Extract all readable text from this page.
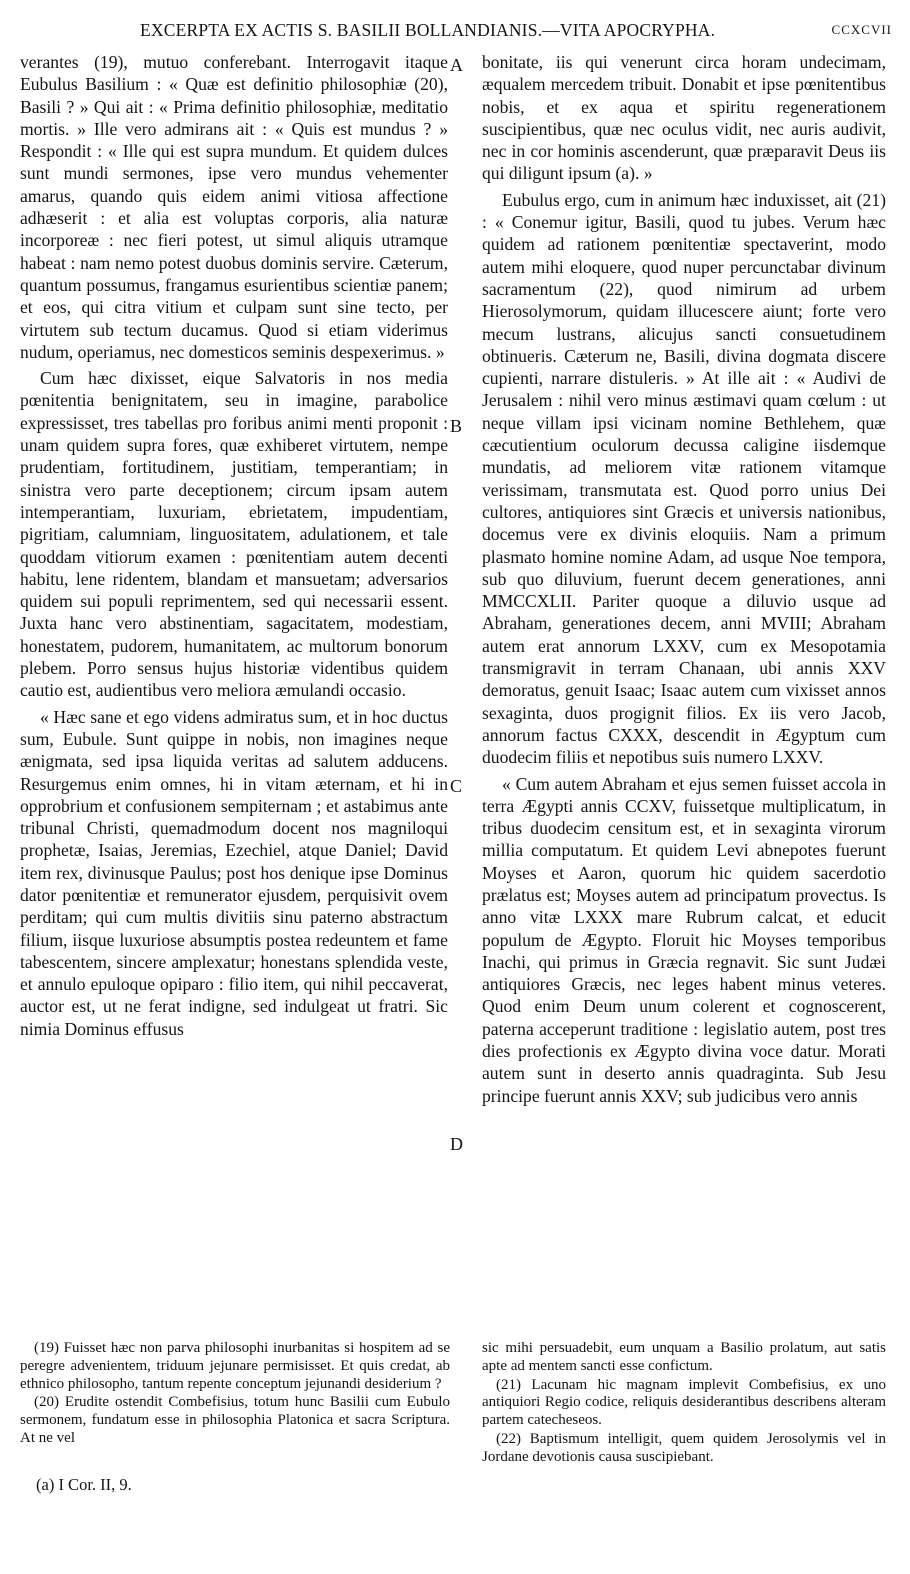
EXCERPTA EX ACTIS S. BASILII BOLLANDIANIS.—VITA APOCRYPHA.	CCXCVII

verantes (19), mutuo conferebant. Interrogavit itaque Eubulus Basilium : « Quæ est definitio philosophiæ (20), Basili ? » Qui ait : « Prima definitio philosophiæ, meditatio mortis. » Ille vero admirans ait : « Quis est mundus ? » Respondit : « Ille qui est supra mundum. Et quidem dulces sunt mundi sermones, ipse vero mundus vehementer amarus, quando quis eidem animi vitiosa affectione adhæserit : et alia est voluptas corporis, alia naturæ incorporeæ : nec fieri potest, ut simul aliquis utramque habeat : nam nemo potest duobus dominis servire. Cæterum, quantum possumus, frangamus esurientibus scientiæ panem; et eos, qui citra vitium et culpam sunt sine tecto, per virtutem sub tectum ducamus. Quod si etiam viderimus nudum, operiamus, nec domesticos seminis despexerimus. »

Cum hæc dixisset, eique Salvatoris in nos media pœnitentia benignitatem, seu in imagine, parabolice expressisset, tres tabellas pro foribus animi menti proponit : unam quidem supra fores, quæ exhiberet virtutem, nempe prudentiam, fortitudinem, justitiam, temperantiam; in sinistra vero parte deceptionem; circum ipsam autem intemperantiam, luxuriam, ebrietatem, impudentiam, pigritiam, calumniam, linguositatem, adulationem, et tale quoddam vitiorum examen : pœnitentiam autem decenti habitu, lene ridentem, blandam et mansuetam; adversarios quidem sui populi reprimentem, sed qui necessarii essent. Juxta hanc vero abstinentiam, sagacitatem, modestiam, honestatem, pudorem, humanitatem, ac multorum bonorum plebem. Porro sensus hujus historiæ videntibus quidem cautio est, audientibus vero meliora æmulandi occasio.

« Hæc sane et ego videns admiratus sum, et in hoc ductus sum, Eubule. Sunt quippe in nobis, non imagines neque ænigmata, sed ipsa liquida veritas ad salutem adducens. Resurgemus enim omnes, hi in vitam æternam, et hi in opprobrium et confusionem sempiternam ; et astabimus ante tribunal Christi, quemadmodum docent nos magniloqui prophetæ, Isaias, Jeremias, Ezechiel, atque Daniel; David item rex, divinusque Paulus; post hos denique ipse Dominus dator pœnitentiæ et remunerator ejusdem, perquisivit ovem perditam; qui cum multis divitiis sinu paterno abstractum filium, iisque luxuriose absumptis postea redeuntem et fame tabescentem, sincere amplexatur; honestans splendida veste, et annulo epuloque opiparo : filio item, qui nihil peccaverat, auctor est, ut ne ferat indigne, sed indulgeat ut fratri. Sic nimia Dominus effusus

A
B
C
D

bonitate, iis qui venerunt circa horam undecimam, æqualem mercedem tribuit. Donabit et ipse pœnitentibus nobis, et ex aqua et spiritu regenerationem suscipientibus, quæ nec oculus vidit, nec auris audivit, nec in cor hominis ascenderunt, quæ præparavit Deus iis qui diligunt ipsum (a). »

Eubulus ergo, cum in animum hæc induxisset, ait (21) : « Conemur igitur, Basili, quod tu jubes. Verum hæc quidem ad rationem pœnitentiæ spectaverint, modo autem mihi eloquere, quod nuper percunctabar divinum sacramentum (22), quod nimirum ad urbem Hierosolymorum, quidam illucescere aiunt; forte vero mecum lustrans, alicujus sancti consuetudinem obtinueris. Cæterum ne, Basili, divina dogmata discere cupienti, narrare distuleris. » At ille ait : « Audivi de Jerusalem : nihil vero minus æstimavi quam cœlum : ut neque villam ipsi vicinam nomine Bethlehem, quæ cæcutientium oculorum decussa caligine iisdemque mundatis, ad meliorem vitæ rationem vitamque verissimam, transmutata est. Quod porro unius Dei cultores, antiquiores sint Græcis et universis nationibus, docemus vere ex divinis eloquiis. Nam a primum plasmato homine nomine Adam, ad usque Noe tempora, sub quo diluvium, fuerunt decem generationes, anni MMCCXLII. Pariter quoque a diluvio usque ad Abraham, generationes decem, anni MVIII; Abraham autem erat annorum LXXV, cum ex Mesopotamia transmigravit in terram Chanaan, ubi annis XXV demoratus, genuit Isaac; Isaac autem cum vixisset annos sexaginta, duos progignit filios. Ex iis vero Jacob, annorum factus CXXX, descendit in Ægyptum cum duodecim filiis et nepotibus suis numero LXXV.

« Cum autem Abraham et ejus semen fuisset accola in terra Ægypti annis CCXV, fuissetque multiplicatum, in tribus duodecim censitum est, et in sexaginta virorum millia computatum. Et quidem Levi abnepotes fuerunt Moyses et Aaron, quorum hic quidem sacerdotio prælatus est; Moyses autem ad principatum provectus. Is anno vitæ LXXX mare Rubrum calcat, et educit populum de Ægypto. Floruit hic Moyses temporibus Inachi, qui primus in Græcia regnavit. Sic sunt Judæi antiquiores Græcis, nec leges habent minus veteres. Quod enim Deum unum colerent et cognoscerent, paterna acceperunt traditione : legislatio autem, post tres dies profectionis ex Ægypto divina voce datur. Morati autem sunt in deserto annis quadraginta. Sub Jesu principe fuerunt annis XXV; sub judicibus vero annis

(19) Fuisset hæc non parva philosophi inurbanitas si hospitem ad se peregre advenientem, triduum jejunare permisisset. Et quis credat, ab ethnico philosopho, tantum repente conceptum jejunandi desiderium ?

(20) Erudite ostendit Combefisius, totum hunc Basilii cum Eubulo sermonem, fundatum esse in philosophia Platonica et sacra Scriptura. At ne vel

sic mihi persuadebit, eum unquam a Basilio prolatum, aut satis apte ad mentem sancti esse confictum.

(21) Lacunam hic magnam implevit Combefisius, ex uno antiquiori Regio codice, reliquis desiderantibus describens alteram partem catecheseos.

(22) Baptismum intelligit, quem quidem Jerosolymis vel in Jordane devotionis causa suscipiebant.

(a) I Cor. II, 9.
